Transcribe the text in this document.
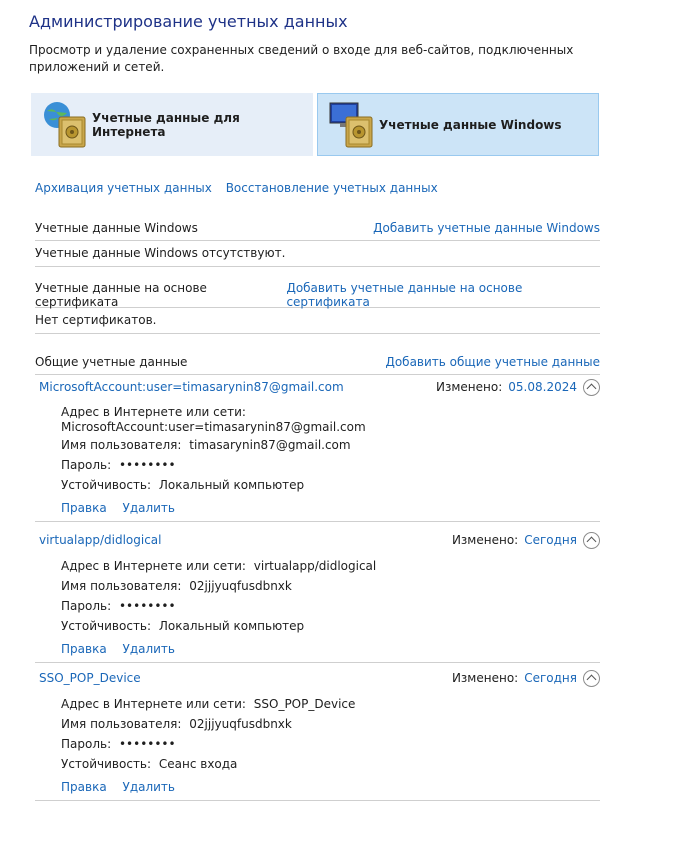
Администрирование учетных данных
Просмотр и удаление сохраненных сведений о входе для веб-сайтов, подключенных приложений и сетей.
Учетные данные для Интернета	Учетные данные Windows
Архивация учетных данных Восстановление учетных данных
Учетные данные Windows	Добавить учетные данные Windows
Учетные данные Windows отсутствуют.
Учетные данные на основе сертификата
Добавить учетные данные на основе сертификата
Нет сертификатов.
Общие учетные данные	Добавить общие учетные данные
MicrosoftAccount:user=timasarynin87@gmail.com	Изменено: 05.08.2024
Адрес в Интернете или сети:
MicrosoftAccount:user=timasarynin87@gmail.com
Имя пользователя: timasarynin87@gmail.com
Пароль: ••••••••
Устойчивость: Локальный компьютер
Правка Удалить
virtualapp/didlogical	Изменено: Сегодня
Адрес в Интернете или сети: virtualapp/didlogical
Имя пользователя: 02jjjyuqfusdbnxk
Пароль: ••••••••
Устойчивость: Локальный компьютер
Правка Удалить
SSO_POP_Device	Изменено: Сегодня
Адрес в Интернете или сети: SSO_POP_Device
Имя пользователя: 02jjjyuqfusdbnxk
Пароль: ••••••••
Устойчивость: Сеанс входа
Правка Удалить
